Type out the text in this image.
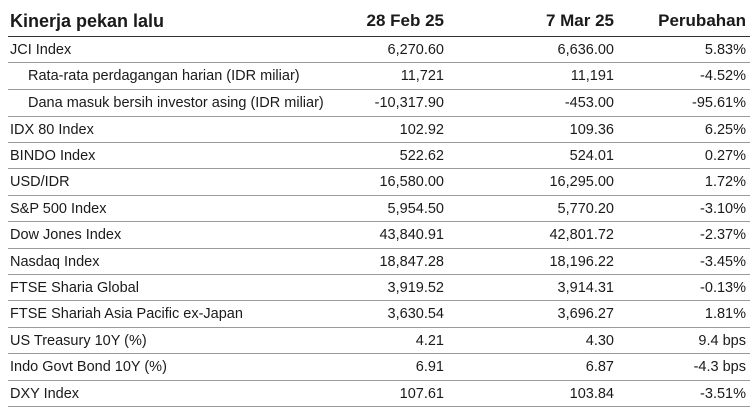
Kinerja pekan lalu	28 Feb 25	7 Mar 25	Perubahan
JCI Index	6,270.60	6,636.00	5.83%
Rata-rata perdagangan harian (IDR miliar)	11,721	11,191	-4.52%
Dana masuk bersih investor asing (IDR miliar)	-10,317.90	-453.00	-95.61%
IDX 80 Index	102.92	109.36	6.25%
BINDO Index	522.62	524.01	0.27%
USD/IDR	16,580.00	16,295.00	1.72%
S&P 500 Index	5,954.50	5,770.20	-3.10%
Dow Jones Index	43,840.91	42,801.72	-2.37%
Nasdaq Index	18,847.28	18,196.22	-3.45%
FTSE Sharia Global	3,919.52	3,914.31	-0.13%
FTSE Shariah Asia Pacific ex-Japan	3,630.54	3,696.27	1.81%
US Treasury 10Y (%)	4.21	4.30	9.4 bps
Indo Govt Bond 10Y (%)	6.91	6.87	-4.3 bps
DXY Index	107.61	103.84	-3.51%
